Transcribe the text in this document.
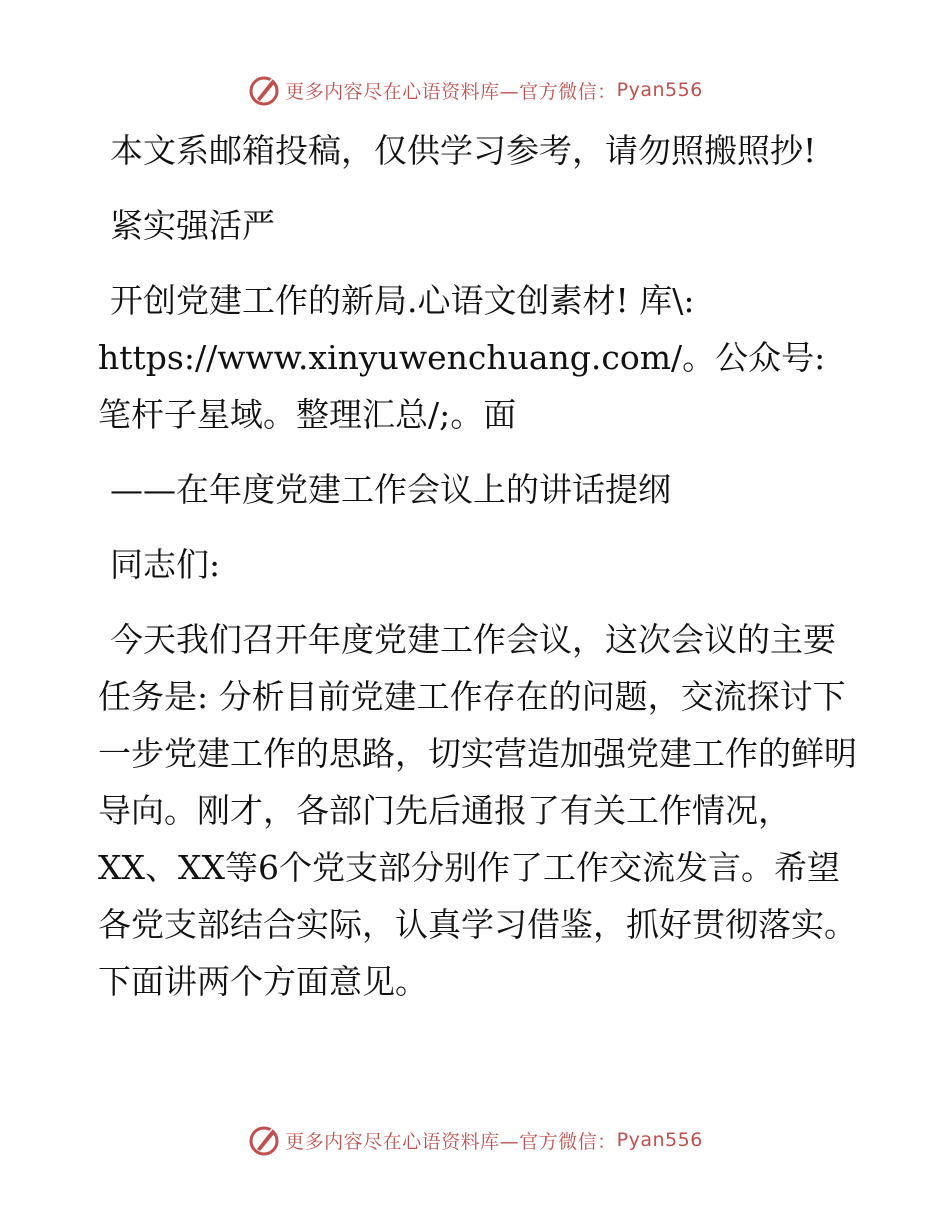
更多内容尽在心语资料库—官方微信： Pyan556

本文系邮箱投稿，仅供学习参考，请勿照搬照抄!

紧实强活严

开创党建工作的新局.心语文创素材! 库\: https://www.xinyuwenchuang.com/。公众号: 笔杆子星域。整理汇总/;。面

——在年度党建工作会议上的讲话提纲

同志们:

今天我们召开年度党建工作会议，这次会议的主要任务是: 分析目前党建工作存在的问题，交流探讨下一步党建工作的思路，切实营造加强党建工作的鲜明导向。刚才，各部门先后通报了有关工作情况，XX、XX等6个党支部分别作了工作交流发言。希望各党支部结合实际，认真学习借鉴，抓好贯彻落实。下面讲两个方面意见。

更多内容尽在心语资料库—官方微信： Pyan556
